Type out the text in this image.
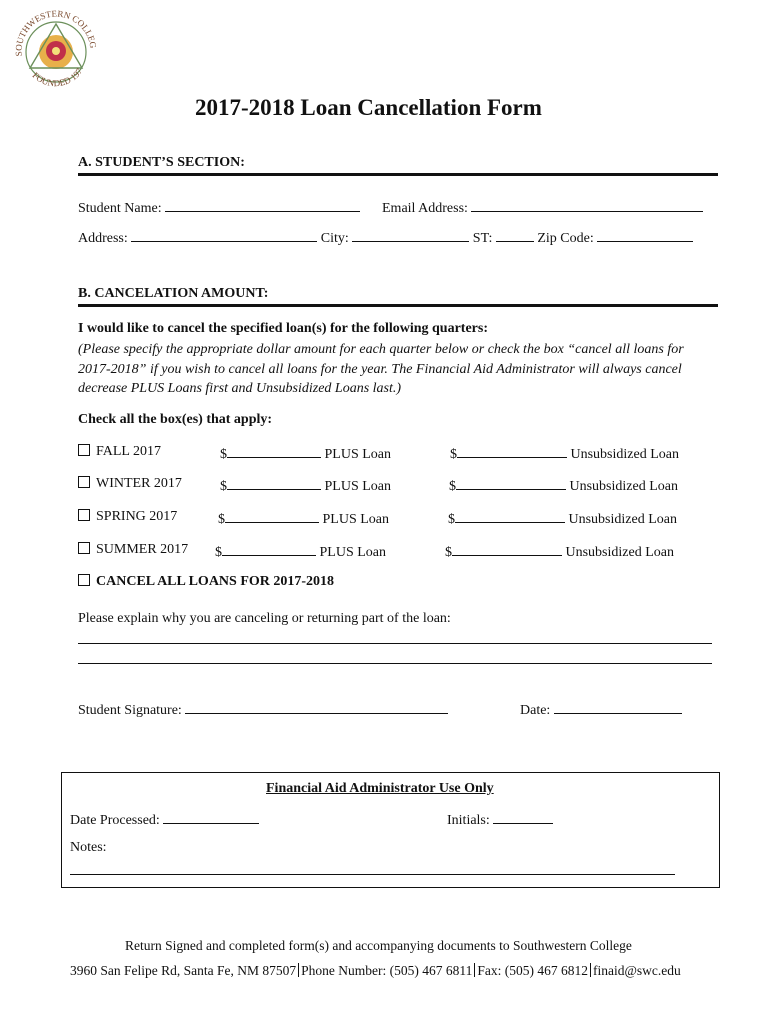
SOUTHWESTERN COLLEG
FOUNDED 197
2017-2018 Loan Cancellation Form
A. STUDENT’S SECTION:
Student Name:	Email Address:
Address:	City:	ST:	Zip Code:
B. CANCELATION AMOUNT:
I would like to cancel the specified loan(s) for the following quarters:
(Please specify the appropriate dollar amount for each quarter below or check the box “cancel all loans for 2017-2018” if you wish to cancel all loans for the year. The Financial Aid Administrator will always cancel decrease PLUS Loans first and Unsubsidized Loans last.)
Check all the box(es) that apply:
FALL 2017	$	PLUS Loan	$	Unsubsidized Loan
WINTER 2017	$	PLUS Loan	$	Unsubsidized Loan
SPRING 2017	$	PLUS Loan	$	Unsubsidized Loan
SUMMER 2017 $	PLUS Loan	$	Unsubsidized Loan
CANCEL ALL LOANS FOR 2017-2018
Please explain why you are canceling or returning part of the loan:
Student Signature:	Date:
Financial Aid Administrator Use Only
Date Processed:	Initials:
Notes:
Return Signed and completed form(s) and accompanying documents to Southwestern College
3960 San Felipe Rd, Santa Fe, NM 87507 Phone Number: (505) 467 6811 Fax: (505) 467 6812 finaid@swc.edu
